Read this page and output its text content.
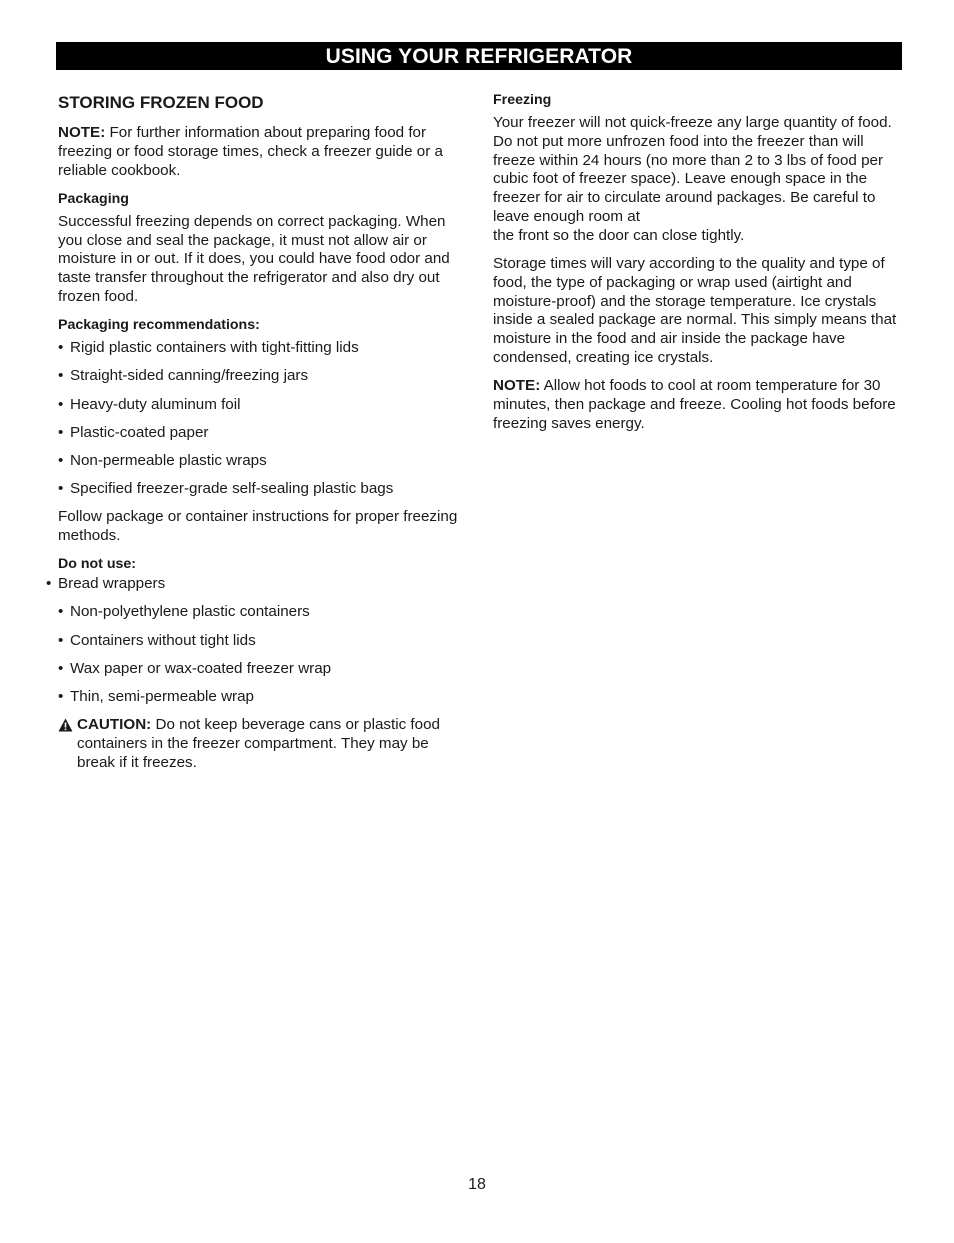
USING YOUR REFRIGERATOR
STORING FROZEN FOOD

NOTE: For further information about preparing food for freezing or food storage times, check a freezer guide or a reliable cookbook.

Packaging

Successful freezing depends on correct packaging. When you close and seal the package, it must not allow air or moisture in or out. If it does, you could have food odor and taste transfer throughout the refrigerator and also dry out frozen food.

Packaging recommendations:
• Rigid plastic containers with tight-fitting lids
• Straight-sided canning/freezing jars
• Heavy-duty aluminum foil
• Plastic-coated paper
• Non-permeable plastic wraps
• Specified freezer-grade self-sealing plastic bags

Follow package or container instructions for proper freezing methods.

Do not use:
• Bread wrappers
• Non-polyethylene plastic containers
• Containers without tight lids
• Wax paper or wax-coated freezer wrap
• Thin, semi-permeable wrap

CAUTION: Do not keep beverage cans or plastic food containers in the freezer compartment. They may be break if it freezes.

Freezing

Your freezer will not quick-freeze any large quantity of food. Do not put more unfrozen food into the freezer than will freeze within 24 hours (no more than 2 to 3 lbs of food per cubic foot of freezer space). Leave enough space in the freezer for air to circulate around packages. Be careful to leave enough room at
the front so the door can close tightly.

Storage times will vary according to the quality and type of food, the type of packaging or wrap used (airtight and moisture-proof) and the storage temperature. Ice crystals inside a sealed package are normal. This simply means that moisture in the food and air inside the package have condensed, creating ice crystals.

NOTE: Allow hot foods to cool at room temperature for 30 minutes, then package and freeze. Cooling hot foods before freezing saves energy.

18
